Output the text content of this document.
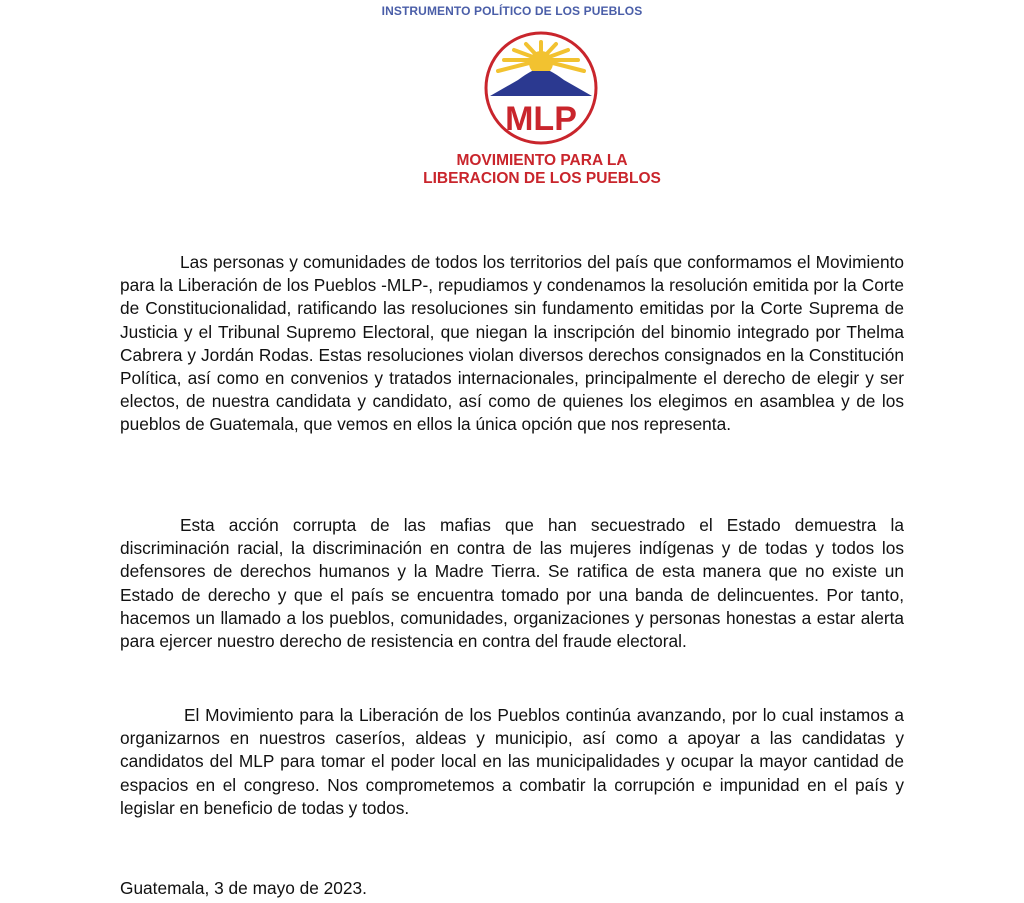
INSTRUMENTO POLÍTICO DE LOS PUEBLOS
MLP
MOVIMIENTO PARA LA
LIBERACION DE LOS PUEBLOS

Las personas y comunidades de todos los territorios del país que conformamos el Movimiento para la Liberación de los Pueblos -MLP-, repudiamos y condenamos la resolución emitida por la Corte de Constitucionalidad, ratificando las resoluciones sin fundamento emitidas por la Corte Suprema de Justicia y el Tribunal Supremo Electoral, que niegan la inscripción del binomio integrado por Thelma Cabrera y Jordán Rodas. Estas resoluciones violan diversos derechos consignados en la Constitución Política, así como en convenios y tratados internacionales, principalmente el derecho de elegir y ser electos, de nuestra candidata y candidato, así como de quienes los elegimos en asamblea y de los pueblos de Guatemala, que vemos en ellos la única opción que nos representa.

Esta acción corrupta de las mafias que han secuestrado el Estado demuestra la discriminación racial, la discriminación en contra de las mujeres indígenas y de todas y todos los defensores de derechos humanos y la Madre Tierra. Se ratifica de esta manera que no existe un Estado de derecho y que el país se encuentra tomado por una banda de delincuentes. Por tanto, hacemos un llamado a los pueblos, comunidades, organizaciones y personas honestas a estar alerta para ejercer nuestro derecho de resistencia en contra del fraude electoral.

El Movimiento para la Liberación de los Pueblos continúa avanzando, por lo cual instamos a organizarnos en nuestros caseríos, aldeas y municipio, así como a apoyar a las candidatas y candidatos del MLP para tomar el poder local en las municipalidades y ocupar la mayor cantidad de espacios en el congreso. Nos comprometemos a combatir la corrupción e impunidad en el país y legislar en beneficio de todas y todos.

Guatemala, 3 de mayo de 2023.
